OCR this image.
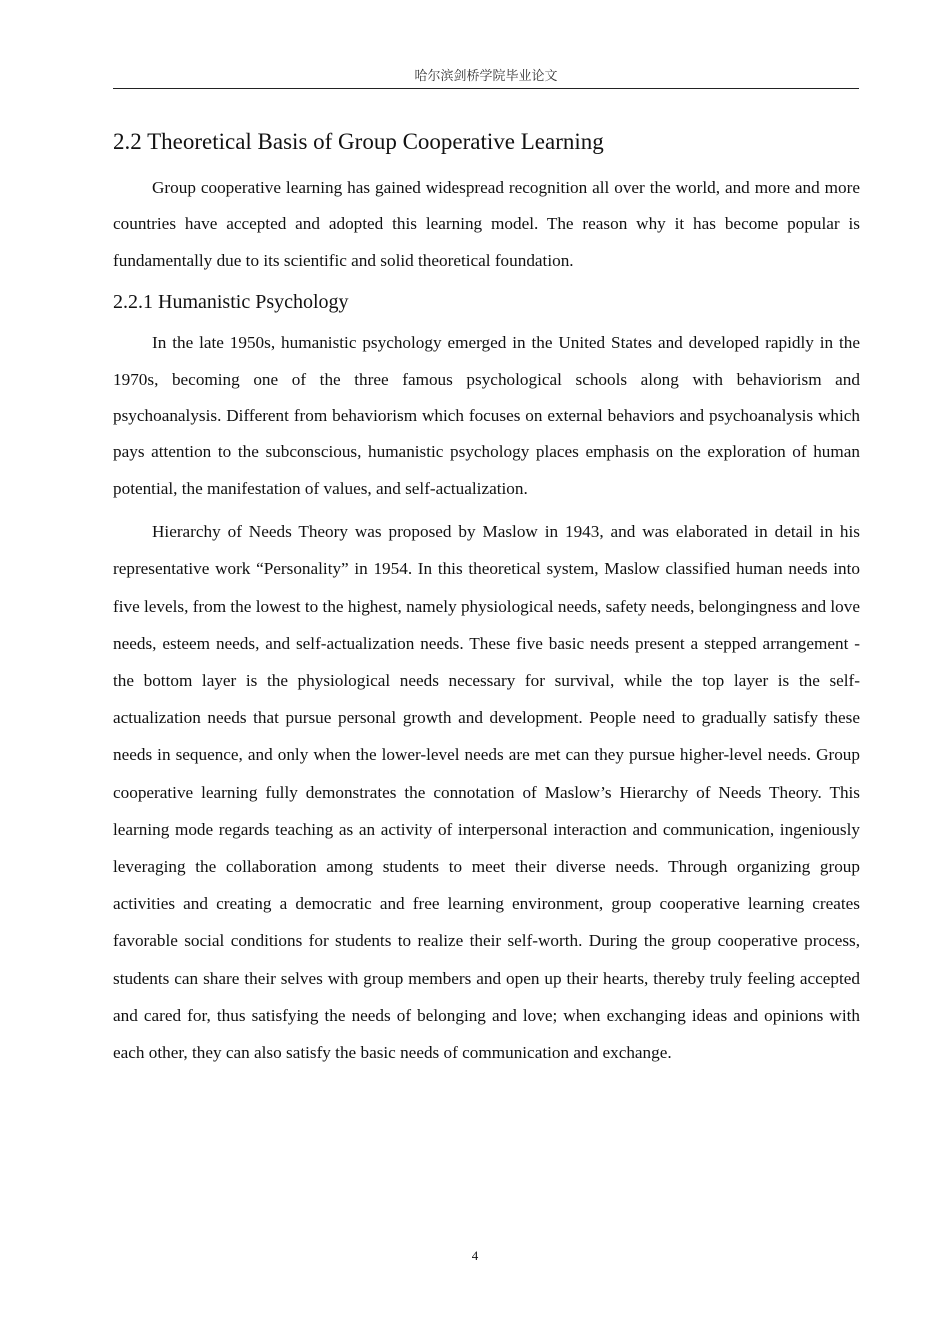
哈尔滨剑桥学院毕业论文
2.2 Theoretical Basis of Group Cooperative Learning

Group cooperative learning has gained widespread recognition all over the world, and more and more countries have accepted and adopted this learning model. The reason why it has become popular is fundamentally due to its scientific and solid theoretical foundation.

2.2.1 Humanistic Psychology

In the late 1950s, humanistic psychology emerged in the United States and developed rapidly in the 1970s, becoming one of the three famous psychological schools along with behaviorism and psychoanalysis. Different from behaviorism which focuses on external behaviors and psychoanalysis which pays attention to the subconscious, humanistic psychology places emphasis on the exploration of human potential, the manifestation of values, and self-actualization.

Hierarchy of Needs Theory was proposed by Maslow in 1943, and was elaborated in detail in his representative work “Personality” in 1954. In this theoretical system, Maslow classified human needs into five levels, from the lowest to the highest, namely physiological needs, safety needs, belongingness and love needs, esteem needs, and self-actualization needs. These five basic needs present a stepped arrangement - the bottom layer is the physiological needs necessary for survival, while the top layer is the self-actualization needs that pursue personal growth and development. People need to gradually satisfy these needs in sequence, and only when the lower-level needs are met can they pursue higher-level needs. Group cooperative learning fully demonstrates the connotation of Maslow’s Hierarchy of Needs Theory. This learning mode regards teaching as an activity of interpersonal interaction and communication, ingeniously leveraging the collaboration among students to meet their diverse needs. Through organizing group activities and creating a democratic and free learning environment, group cooperative learning creates favorable social conditions for students to realize their self-worth. During the group cooperative process, students can share their selves with group members and open up their hearts, thereby truly feeling accepted and cared for, thus satisfying the needs of belonging and love; when exchanging ideas and opinions with each other, they can also satisfy the basic needs of communication and exchange.

4
